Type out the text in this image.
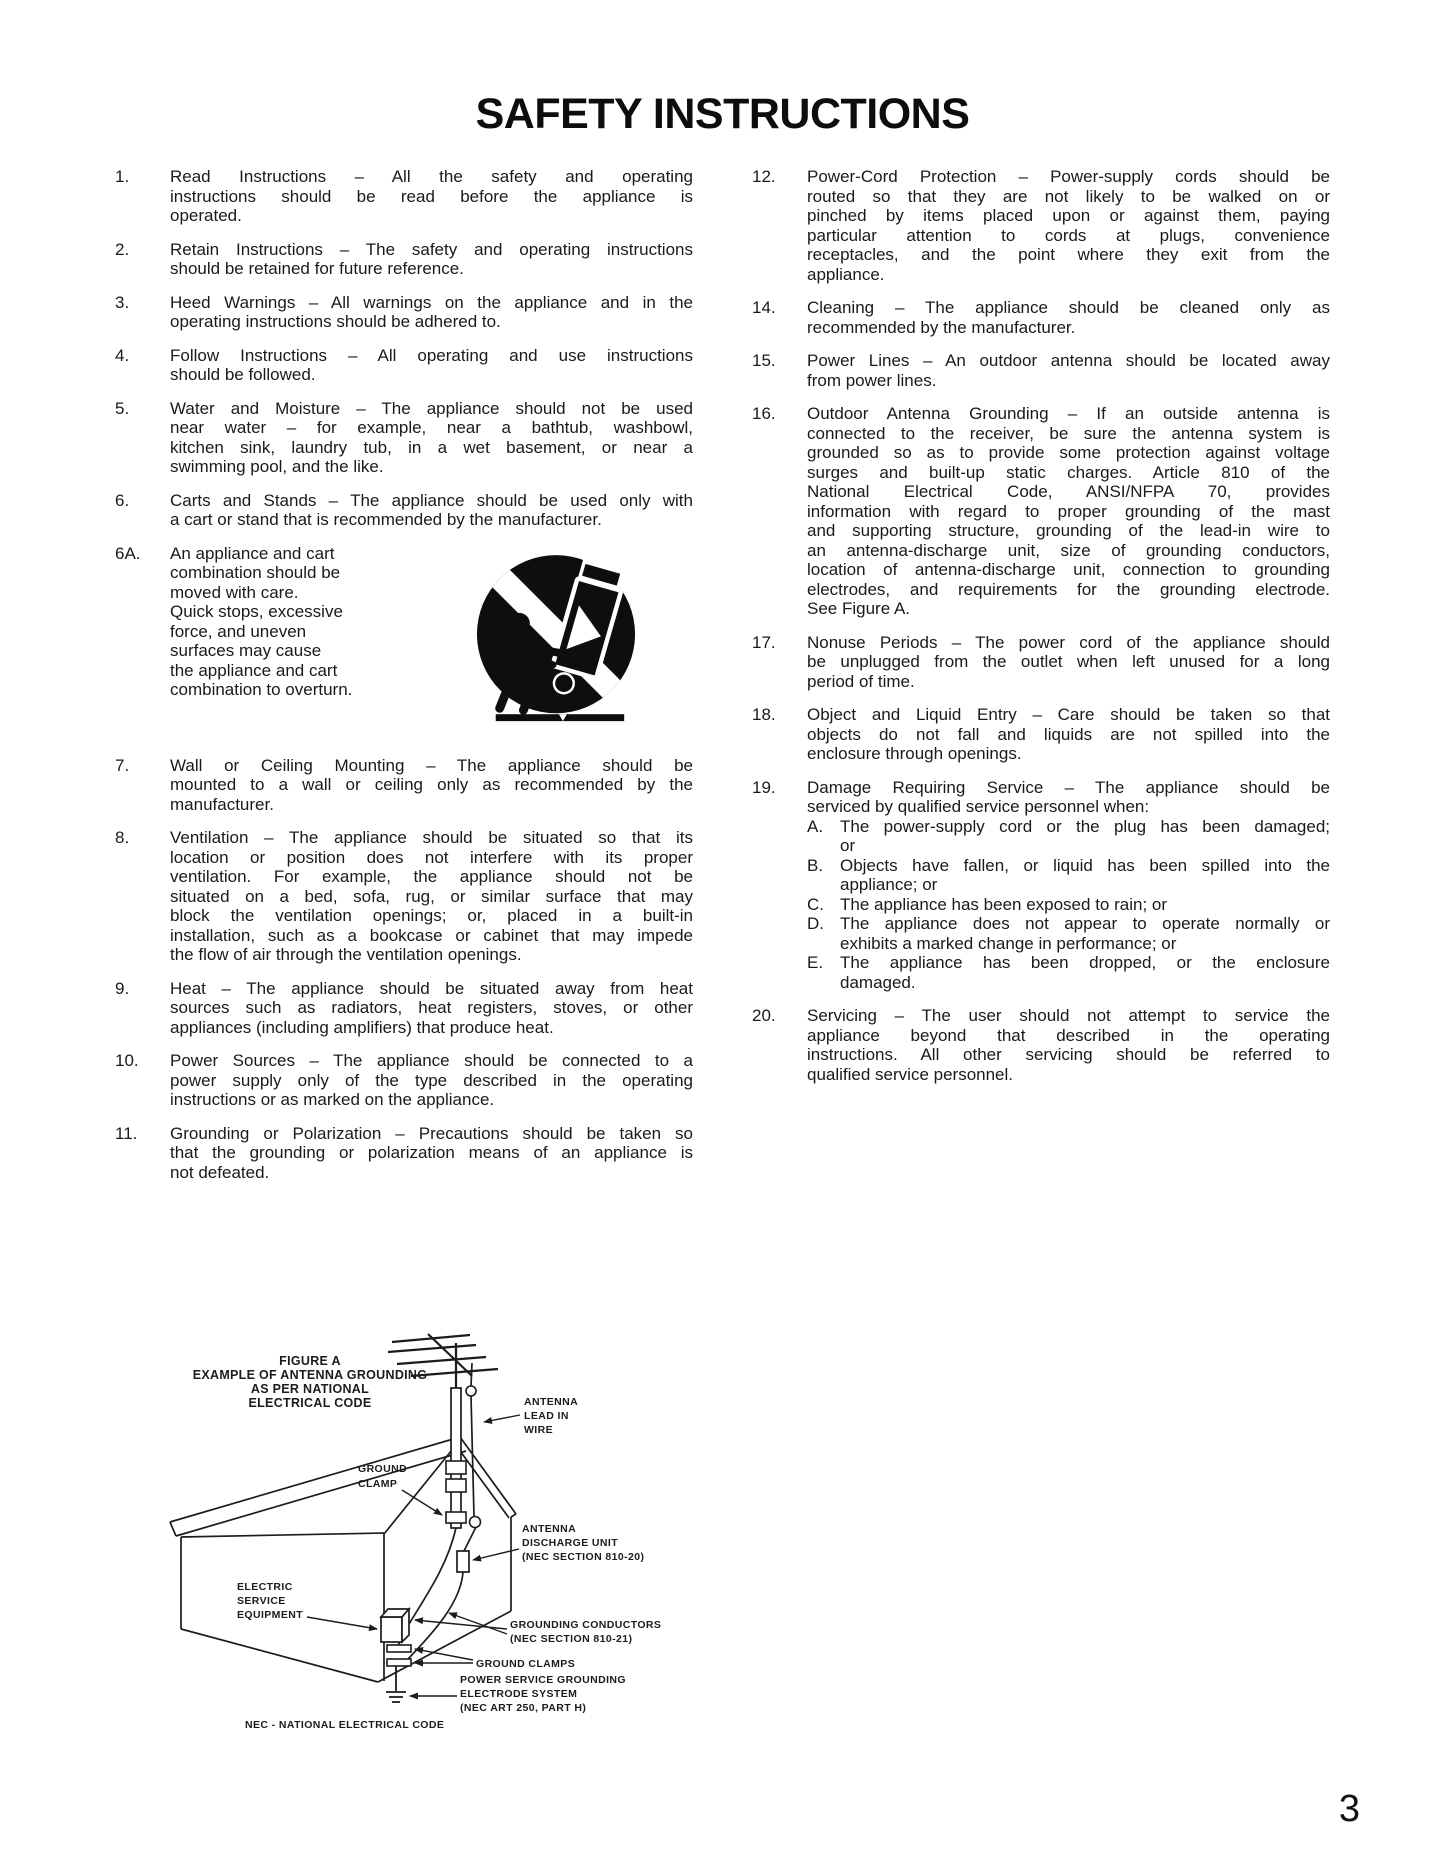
SAFETY INSTRUCTIONS
1.	Read Instructions – All the safety and operating
instructions should be read before the appliance is
operated.
2.	Retain Instructions – The safety and operating instructions
should be retained for future reference.
3.	Heed Warnings – All warnings on the appliance and in the
operating instructions should be adhered to.
4.	Follow Instructions – All operating and use instructions
should be followed.
5.	Water and Moisture – The appliance should not be used
near water – for example, near a bathtub, washbowl,
kitchen sink, laundry tub, in a wet basement, or near a
swimming pool, and the like.
6.	Carts and Stands – The appliance should be used only with
a cart or stand that is recommended by the manufacturer.
6A.	An appliance and cart
combination should be
moved with care.
Quick stops, excessive
force, and uneven
surfaces may cause
the appliance and cart
combination to overturn.
7.	Wall or Ceiling Mounting – The appliance should be
mounted to a wall or ceiling only as recommended by the
manufacturer.
8.	Ventilation – The appliance should be situated so that its
location or position does not interfere with its proper
ventilation. For example, the appliance should not be
situated on a bed, sofa, rug, or similar surface that may
block the ventilation openings; or, placed in a built-in
installation, such as a bookcase or cabinet that may impede
the flow of air through the ventilation openings.
9.	Heat – The appliance should be situated away from heat
sources such as radiators, heat registers, stoves, or other
appliances (including amplifiers) that produce heat.
10.	Power Sources – The appliance should be connected to a
power supply only of the type described in the operating
instructions or as marked on the appliance.
11.	Grounding or Polarization – Precautions should be taken so
that the grounding or polarization means of an appliance is
not defeated.
12.	Power-Cord Protection – Power-supply cords should be
routed so that they are not likely to be walked on or
pinched by items placed upon or against them, paying
particular attention to cords at plugs, convenience
receptacles, and the point where they exit from the
appliance.
14.	Cleaning – The appliance should be cleaned only as
recommended by the manufacturer.
15.	Power Lines – An outdoor antenna should be located away
from power lines.
16.	Outdoor Antenna Grounding – If an outside antenna is
connected to the receiver, be sure the antenna system is
grounded so as to provide some protection against voltage
surges and built-up static charges. Article 810 of the
National Electrical Code, ANSI/NFPA 70, provides
information with regard to proper grounding of the mast
and supporting structure, grounding of the lead-in wire to
an antenna-discharge unit, size of grounding conductors,
location of antenna-discharge unit, connection to grounding
electrodes, and requirements for the grounding electrode.
See Figure A.
17.	Nonuse Periods – The power cord of the appliance should
be unplugged from the outlet when left unused for a long
period of time.
18.	Object and Liquid Entry – Care should be taken so that
objects do not fall and liquids are not spilled into the
enclosure through openings.
19.	Damage Requiring Service – The appliance should be
serviced by qualified service personnel when:
A. The power-supply cord or the plug has been damaged;
or
B. Objects have fallen, or liquid has been spilled into the
appliance; or
C. The appliance has been exposed to rain; or
D. The appliance does not appear to operate normally or
exhibits a marked change in performance; or
E. The appliance has been dropped, or the enclosure
damaged.
20.	Servicing – The user should not attempt to service the
appliance beyond that described in the operating
instructions. All other servicing should be referred to
qualified service personnel.
FIGURE A
EXAMPLE OF ANTENNA GROUNDING
AS PER NATIONAL
ELECTRICAL CODE	ANTENNA
LEAD IN
WIRE
GROUND
CLAMP
ANTENNA
DISCHARGE UNIT
(NEC SECTION 810-20)
ELECTRIC
SERVICE
EQUIPMENT
GROUNDING CONDUCTORS
(NEC SECTION 810-21)
GROUND CLAMPS
POWER SERVICE GROUNDING
ELECTRODE SYSTEM
(NEC ART 250, PART H)
NEC - NATIONAL ELECTRICAL CODE
3
